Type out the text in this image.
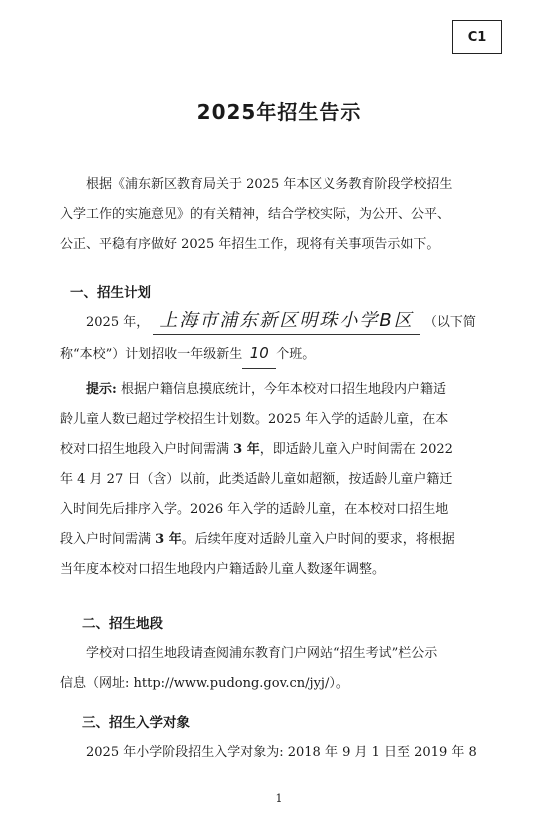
C1
2025年招生告示
根据《浦东新区教育局关于 2025 年本区义务教育阶段学校招生
入学工作的实施意见》的有关精神，结合学校实际，为公开、公平、
公正、平稳有序做好 2025 年招生工作，现将有关事项告示如下。
一、招生计划
2025 年， 上海市浦东新区明珠小学B区 （以下简
称“本校”）计划招收一年级新生 10 个班。
提示: 根据户籍信息摸底统计，今年本校对口招生地段内户籍适
龄儿童人数已超过学校招生计划数。2025 年入学的适龄儿童，在本
校对口招生地段入户时间需满 3 年，即适龄儿童入户时间需在 2022
年 4 月 27 日（含）以前，此类适龄儿童如超额，按适龄儿童户籍迁
入时间先后排序入学。2026 年入学的适龄儿童，在本校对口招生地
段入户时间需满 3 年。后续年度对适龄儿童入户时间的要求，将根据
当年度本校对口招生地段内户籍适龄儿童人数逐年调整。
二、招生地段
学校对口招生地段请查阅浦东教育门户网站“招生考试”栏公示
信息（网址: http://www.pudong.gov.cn/jyj/）。
三、招生入学对象
2025 年小学阶段招生入学对象为: 2018 年 9 月 1 日至 2019 年 8
1
